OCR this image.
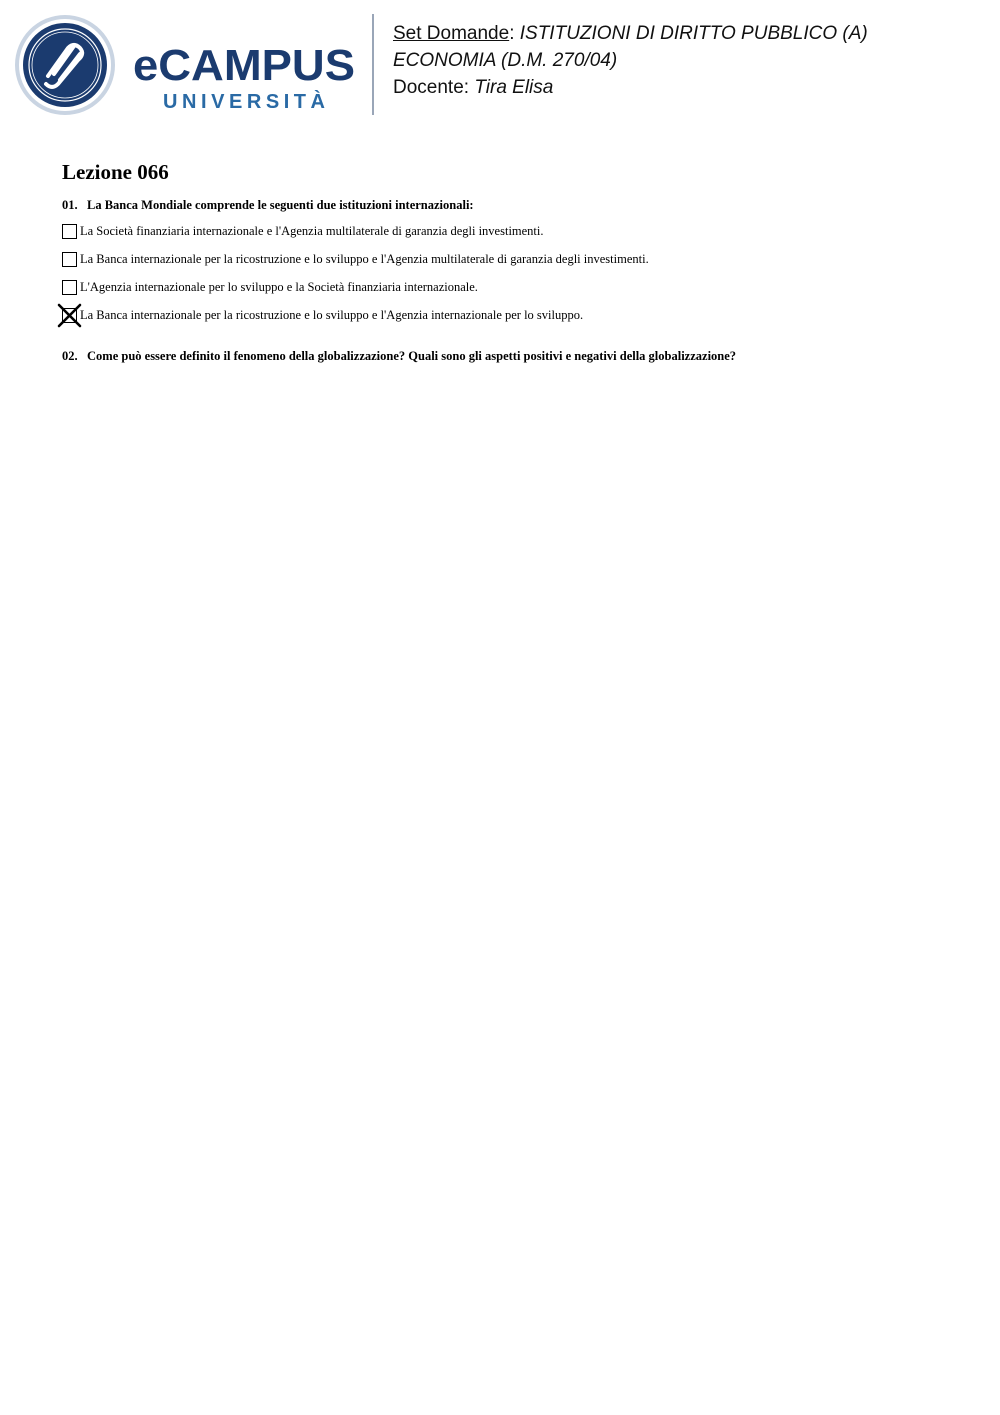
eCAMPUS
UNIVERSITÀ
Set Domande: ISTITUZIONI DI DIRITTO PUBBLICO (A)
ECONOMIA (D.M. 270/04)
Docente: Tira Elisa
Lezione 066
01. La Banca Mondiale comprende le seguenti due istituzioni internazionali:
La Società finanziaria internazionale e l'Agenzia multilaterale di garanzia degli investimenti.
La Banca internazionale per la ricostruzione e lo sviluppo e l'Agenzia multilaterale di garanzia degli investimenti.
L'Agenzia internazionale per lo sviluppo e la Società finanziaria internazionale.
La Banca internazionale per la ricostruzione e lo sviluppo e l'Agenzia internazionale per lo sviluppo.
02. Come può essere definito il fenomeno della globalizzazione? Quali sono gli aspetti positivi e negativi della globalizzazione?
